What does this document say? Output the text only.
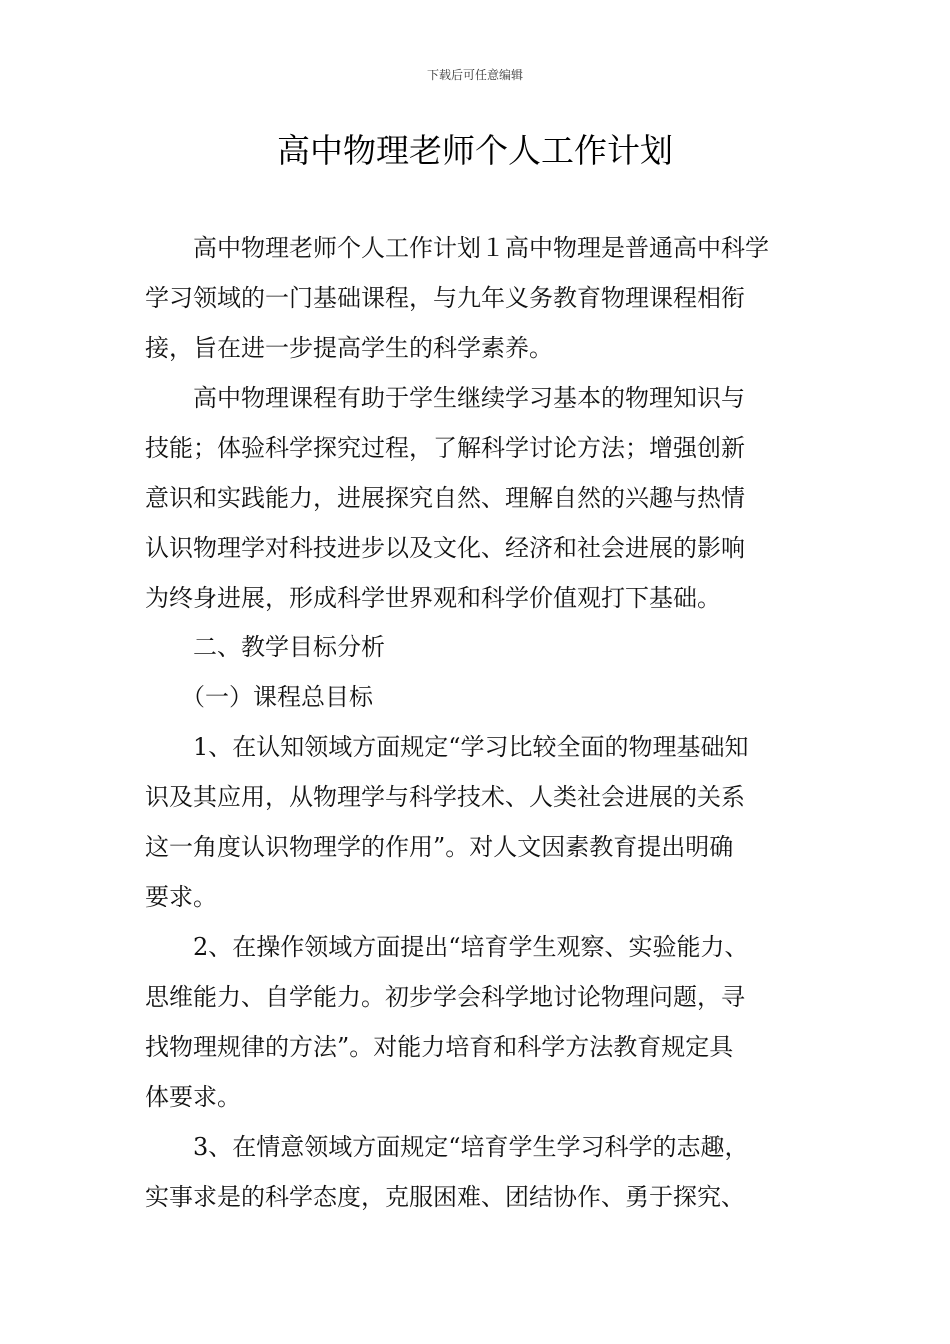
下载后可任意编辑
高中物理老师个人工作计划
　　高中物理老师个人工作计划１高中物理是普通高中科学
学习领域的一门基础课程，与九年义务教育物理课程相衔
接，旨在进一步提高学生的科学素养。
　　高中物理课程有助于学生继续学习基本的物理知识与
技能；体验科学探究过程，了解科学讨论方法；增强创新
意识和实践能力，进展探究自然、理解自然的兴趣与热情
认识物理学对科技进步以及文化、经济和社会进展的影响
为终身进展，形成科学世界观和科学价值观打下基础。
　　二、教学目标分析
　　（一）课程总目标
　　1、在认知领域方面规定“学习比较全面的物理基础知
识及其应用，从物理学与科学技术、人类社会进展的关系
这一角度认识物理学的作用”。对人文因素教育提出明确
要求。
　　2、在操作领域方面提出“培育学生观察、实验能力、
思维能力、自学能力。初步学会科学地讨论物理问题，寻
找物理规律的方法”。对能力培育和科学方法教育规定具
体要求。
　　3、在情意领域方面规定“培育学生学习科学的志趣，
实事求是的科学态度，克服困难、团结协作、勇于探究、
